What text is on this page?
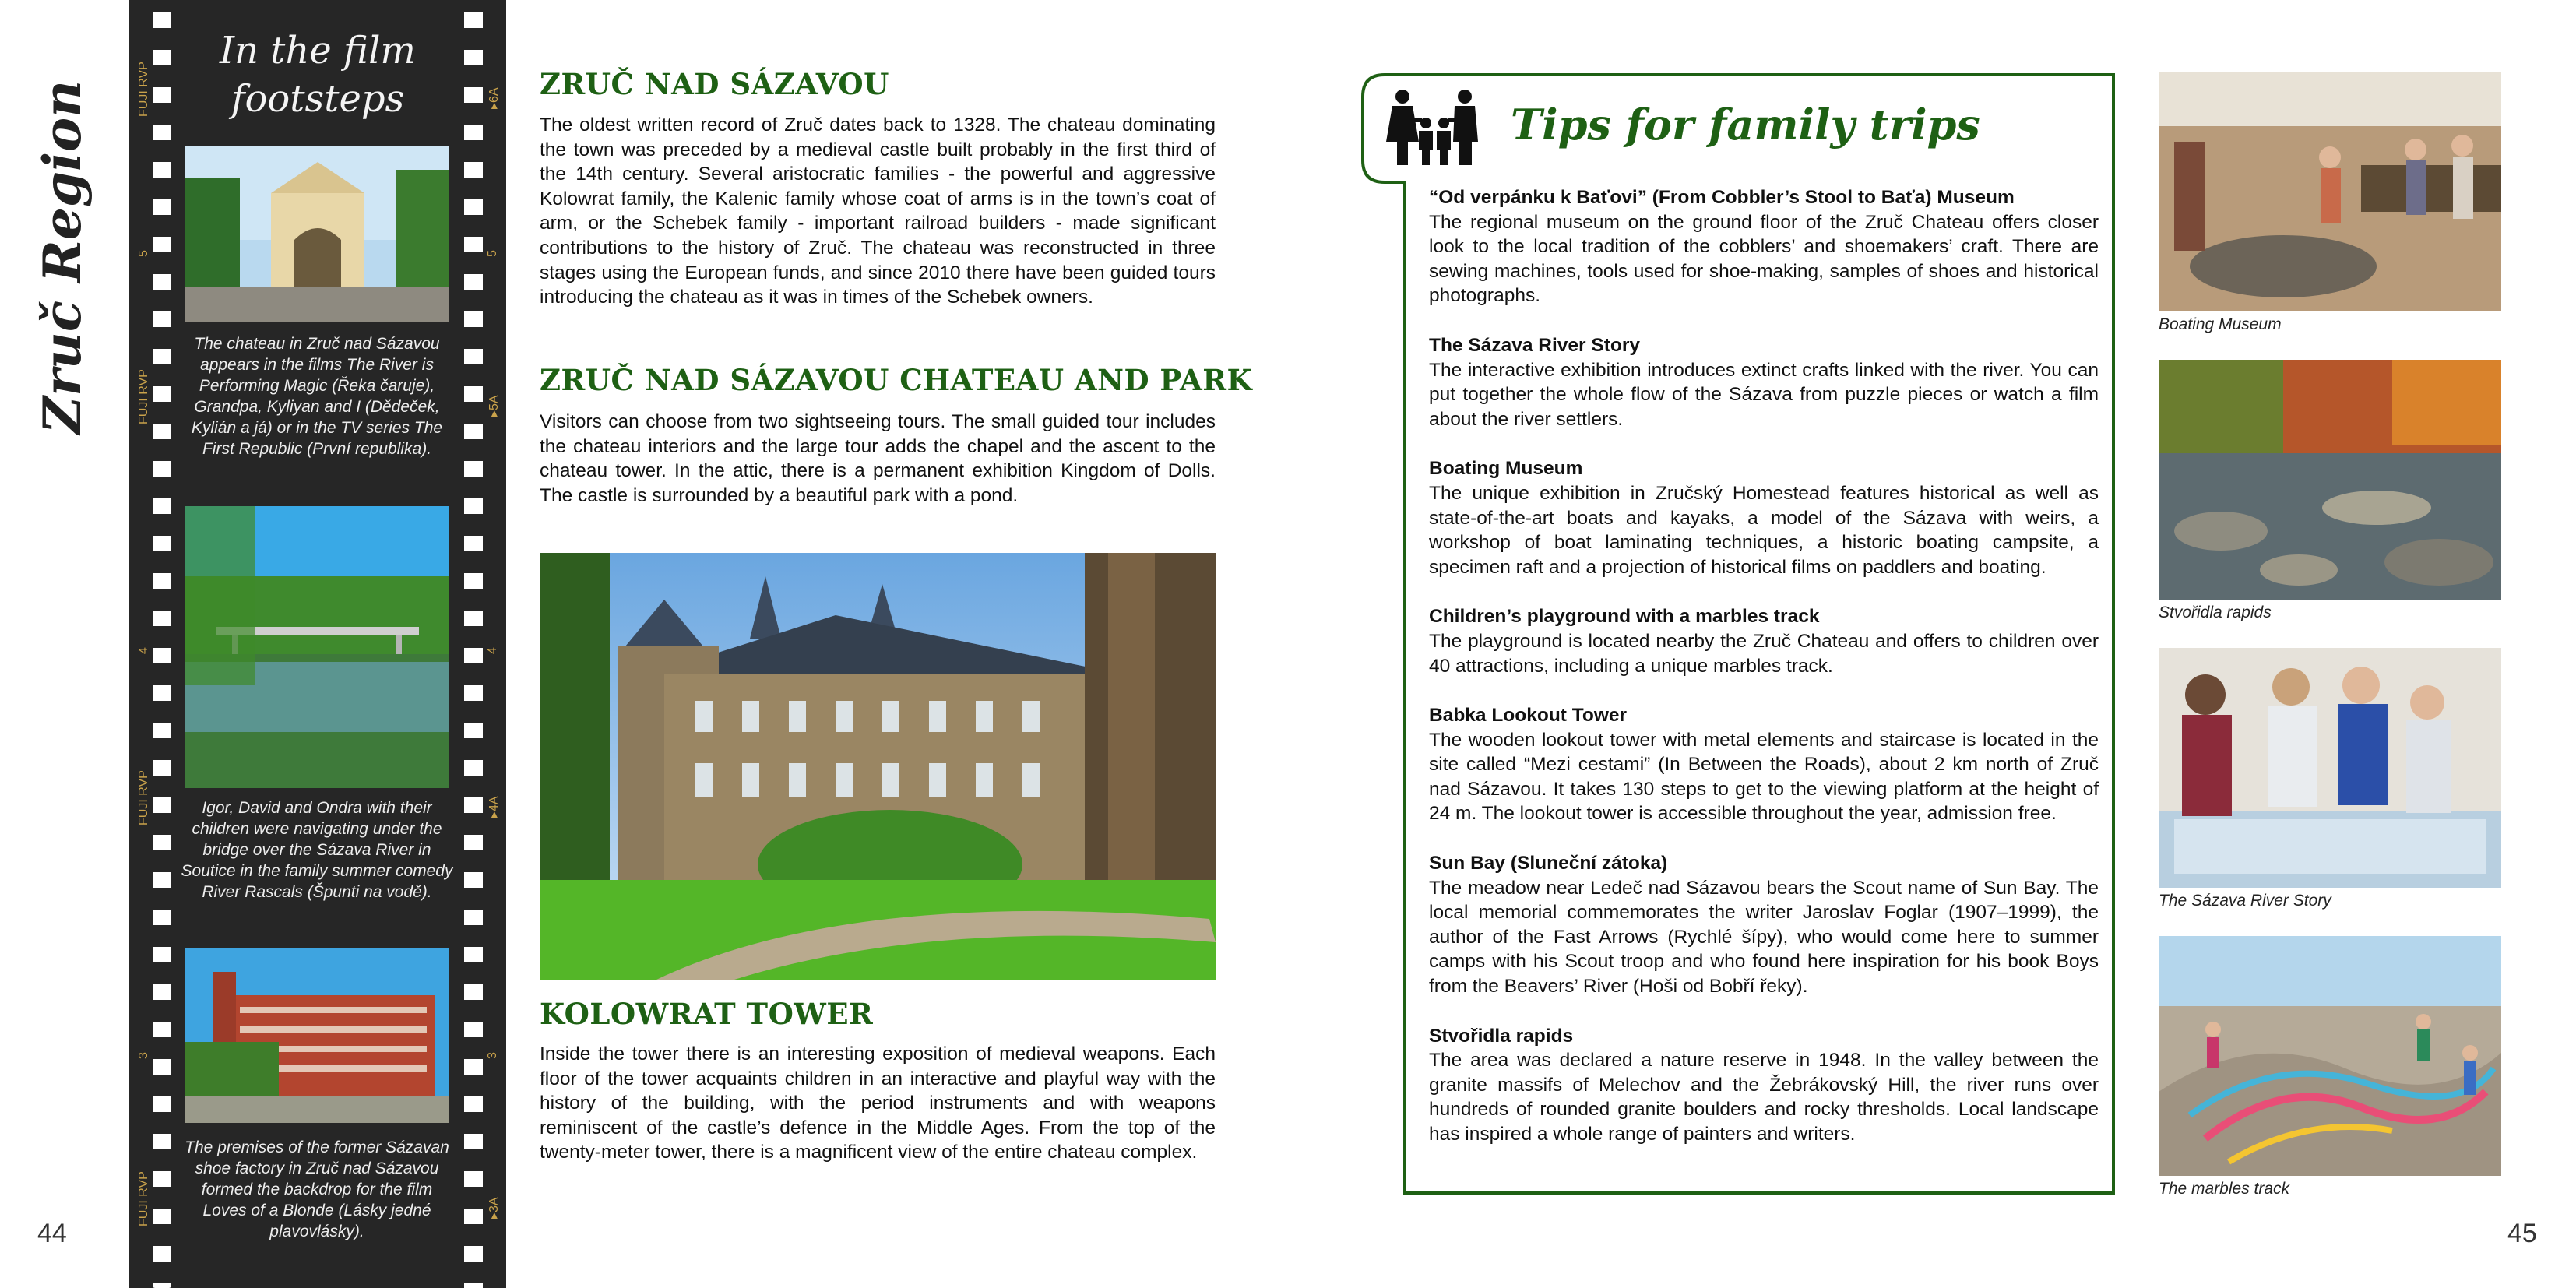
Zruč Region
44	45
In the film
footsteps
FUJI RVP
5	5
FUJI RVP	▸5A
4	4
FUJI RVP	▸4A
3	3
FUJI RVP	▸3A
▸6A
The chateau in Zruč nad Sázavou appears in the films The River is Performing Magic (Řeka čaruje), Grandpa, Kyliyan and I (Dědeček, Kylián a já) or in the TV series The First Republic (První republika).
Igor, David and Ondra with their children were navigating under the bridge over the Sázava River in Soutice in the family summer comedy River Rascals (Špunti na vodě).
The premises of the former Sázavan shoe factory in Zruč nad Sázavou formed the backdrop for the film Loves of a Blonde (Lásky jedné plavovlásky).
ZRUČ NAD SÁZAVOU

The oldest written record of Zruč dates back to 1328. The chateau dominating the town was preceded by a medieval castle built probably in the first third of the 14th century. Several aristocratic families - the powerful and aggressive Kolowrat family, the Kalenic family whose coat of arms is in the town’s coat of arm, or the Schebek family - important railroad builders - made significant contributions to the history of Zruč. The chateau was reconstructed in three stages using the European funds, and since 2010 there have been guided tours introducing the chateau as it was in times of the Schebek owners.

ZRUČ NAD SÁZAVOU CHATEAU AND PARK

Visitors can choose from two sightseeing tours. The small guided tour includes the chateau interiors and the large tour adds the chapel and the ascent to the chateau tower. In the attic, there is a permanent exhibition Kingdom of Dolls. The castle is surrounded by a beautiful park with a pond.

KOLOWRAT TOWER

Inside the tower there is an interesting exposition of medieval weapons. Each floor of the tower acquaints children in an interactive and playful way with the history of the building, with the period instruments and with weapons reminiscent of the castle’s defence in the Middle Ages. From the top of the twenty-meter tower, there is a magnificent view of the entire chateau complex.

Tips for family trips
“Od verpánku k Baťovi” (From Cobbler’s Stool to Baťa) Museum

The regional museum on the ground floor of the Zruč Chateau offers closer look to the local tradition of the cobblers’ and shoemakers’ craft. There are sewing machines, tools used for shoe-making, samples of shoes and historical photographs.

The Sázava River Story

The interactive exhibition introduces extinct crafts linked with the river. You can put together the whole flow of the Sázava from puzzle pieces or watch a film about the river settlers.

Boating Museum

The unique exhibition in Zručský Homestead features historical as well as state-of-the-art boats and kayaks, a model of the Sázava with weirs, a workshop of boat laminating techniques, a historic boating campsite, a specimen raft and a projection of historical films on paddlers and boating.

Children’s playground with a marbles track

The playground is located nearby the Zruč Chateau and offers to children over 40 attractions, including a unique marbles track.

Babka Lookout Tower

The wooden lookout tower with metal elements and staircase is located in the site called “Mezi cestami” (In Between the Roads), about 2 km north of Zruč nad Sázavou. It takes 130 steps to get to the viewing platform at the height of 24 m. The lookout tower is accessible throughout the year, admission free.

Sun Bay (Sluneční zátoka)

The meadow near Ledeč nad Sázavou bears the Scout name of Sun Bay. The local memorial commemorates the writer Jaroslav Foglar (1907–1999), the author of the Fast Arrows (Rychlé šípy), who would come here to summer camps with his Scout troop and who found here inspiration for his book Boys from the Beavers’ River (Hoši od Bobří řeky).

Stvořidla rapids

The area was declared a nature reserve in 1948. In the valley between the granite massifs of Melechov and the Žebrákovský Hill, the river runs over hundreds of rounded granite boulders and rocky thresholds. Local landscape has inspired a whole range of painters and writers.

Boating Museum
Stvořidla rapids
The Sázava River Story
The marbles track
